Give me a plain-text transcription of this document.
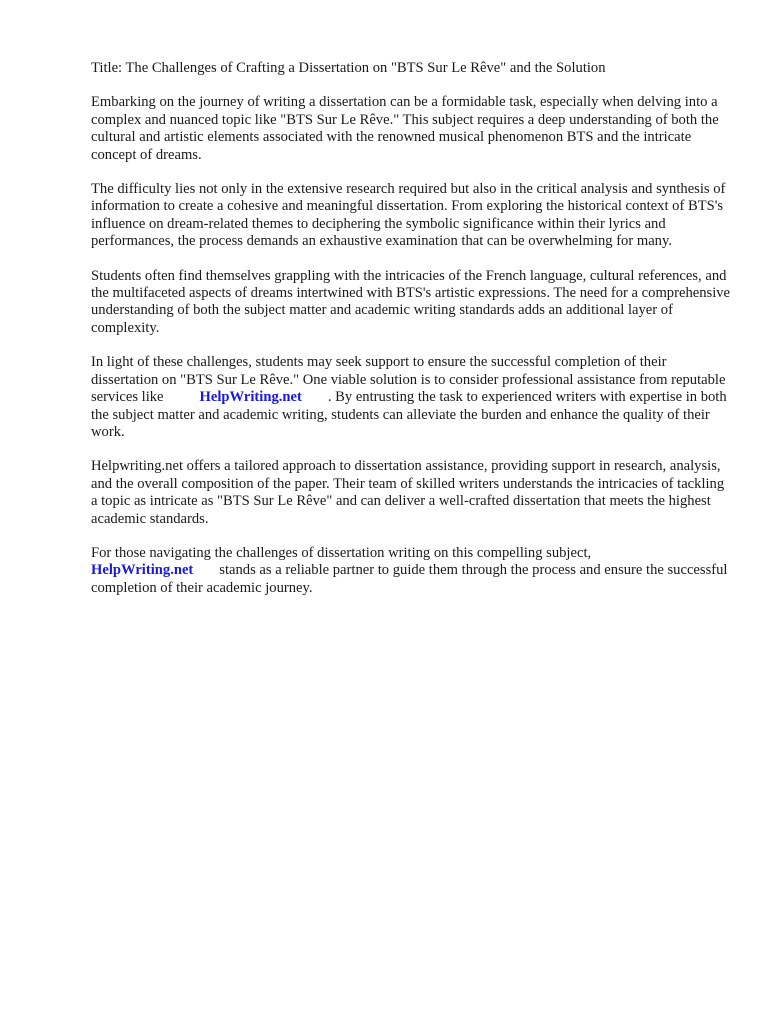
Title: The Challenges of Crafting a Dissertation on "BTS Sur Le Rêve" and the Solution

Embarking on the journey of writing a dissertation can be a formidable task, especially when delving into a complex and nuanced topic like "BTS Sur Le Rêve." This subject requires a deep understanding of both the cultural and artistic elements associated with the renowned musical phenomenon BTS and the intricate concept of dreams.

The difficulty lies not only in the extensive research required but also in the critical analysis and synthesis of information to create a cohesive and meaningful dissertation. From exploring the historical context of BTS's influence on dream-related themes to deciphering the symbolic significance within their lyrics and performances, the process demands an exhaustive examination that can be overwhelming for many.

Students often find themselves grappling with the intricacies of the French language, cultural references, and the multifaceted aspects of dreams intertwined with BTS's artistic expressions. The need for a comprehensive understanding of both the subject matter and academic writing standards adds an additional layer of complexity.

In light of these challenges, students may seek support to ensure the successful completion of their dissertation on "BTS Sur Le Rêve." One viable solution is to consider professional assistance from reputable services like HelpWriting.net . By entrusting the task to experienced writers with expertise in both the subject matter and academic writing, students can alleviate the burden and enhance the quality of their work.

Helpwriting.net offers a tailored approach to dissertation assistance, providing support in research, analysis, and the overall composition of the paper. Their team of skilled writers understands the intricacies of tackling a topic as intricate as "BTS Sur Le Rêve" and can deliver a well-crafted dissertation that meets the highest academic standards.

For those navigating the challenges of dissertation writing on this compelling subject,
HelpWriting.net stands as a reliable partner to guide them through the process and ensure the successful completion of their academic journey.
